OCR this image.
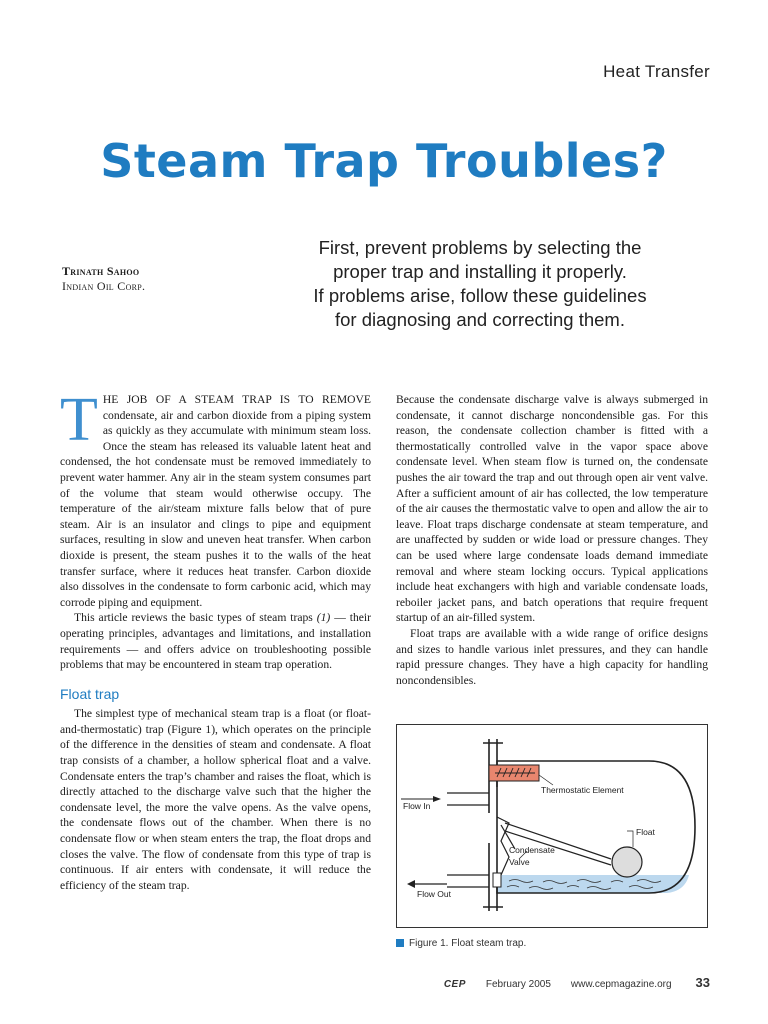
Heat Transfer
Steam Trap Troubles?
Trinath Sahoo
Indian Oil Corp.

First, prevent problems by selecting the

proper trap and installing it properly.

If problems arise, follow these guidelines

for diagnosing and correcting them.

THE JOB OF A STEAM TRAP IS TO REMOVE condensate, air and carbon dioxide from a piping system as quickly as they accumulate with minimum steam loss. Once the steam has released its valuable latent heat and condensed, the hot condensate must be removed immediately to prevent water hammer. Any air in the steam system consumes part of the volume that steam would otherwise occupy. The temperature of the air/steam mixture falls below that of pure steam. Air is an insulator and clings to pipe and equipment surfaces, resulting in slow and uneven heat transfer. When carbon dioxide is present, the steam pushes it to the walls of the heat transfer surface, where it reduces heat transfer. Carbon dioxide also dissolves in the condensate to form carbonic acid, which may corrode piping and equipment.

This article reviews the basic types of steam traps (1) — their operating principles, advantages and limitations, and installation requirements — and offers advice on troubleshooting possible problems that may be encountered in steam trap operation.

Float trap

The simplest type of mechanical steam trap is a float (or float-and-thermostatic) trap (Figure 1), which operates on the principle of the difference in the densities of steam and condensate. A float trap consists of a chamber, a hollow spherical float and a valve. Condensate enters the trap’s chamber and raises the float, which is directly attached to the discharge valve such that the higher the condensate level, the more the valve opens. As the valve opens, the condensate flows out of the chamber. When there is no condensate flow or when steam enters the trap, the float drops and closes the valve. The flow of condensate from this type of trap is continuous. If air enters with condensate, it will reduce the efficiency of the steam trap.

Because the condensate discharge valve is always submerged in condensate, it cannot discharge noncondensible gas. For this reason, the condensate collection chamber is fitted with a thermostatically controlled valve in the vapor space above condensate level. When steam flow is turned on, the condensate pushes the air toward the trap and out through open air vent valve. After a sufficient amount of air has collected, the low temperature of the air causes the thermostatic valve to open and allow the air to leave. Float traps discharge condensate at steam temperature, and are unaffected by sudden or wide load or pressure changes. They can be used where large condensate loads demand immediate removal and where steam locking occurs. Typical applications include heat exchangers with high and variable condensate loads, reboiler jacket pans, and batch operations that require frequent startup of an air-filled system.

Float traps are available with a wide range of orifice designs and sizes to handle various inlet pressures, and they can handle rapid pressure changes. They have a high capacity for handling noncondensibles.

Flow In
Flow Out
Thermostatic Element
Float
Condensate
Valve
Figure 1. Float steam trap.
CEP February 2005 www.cepmagazine.org 33
